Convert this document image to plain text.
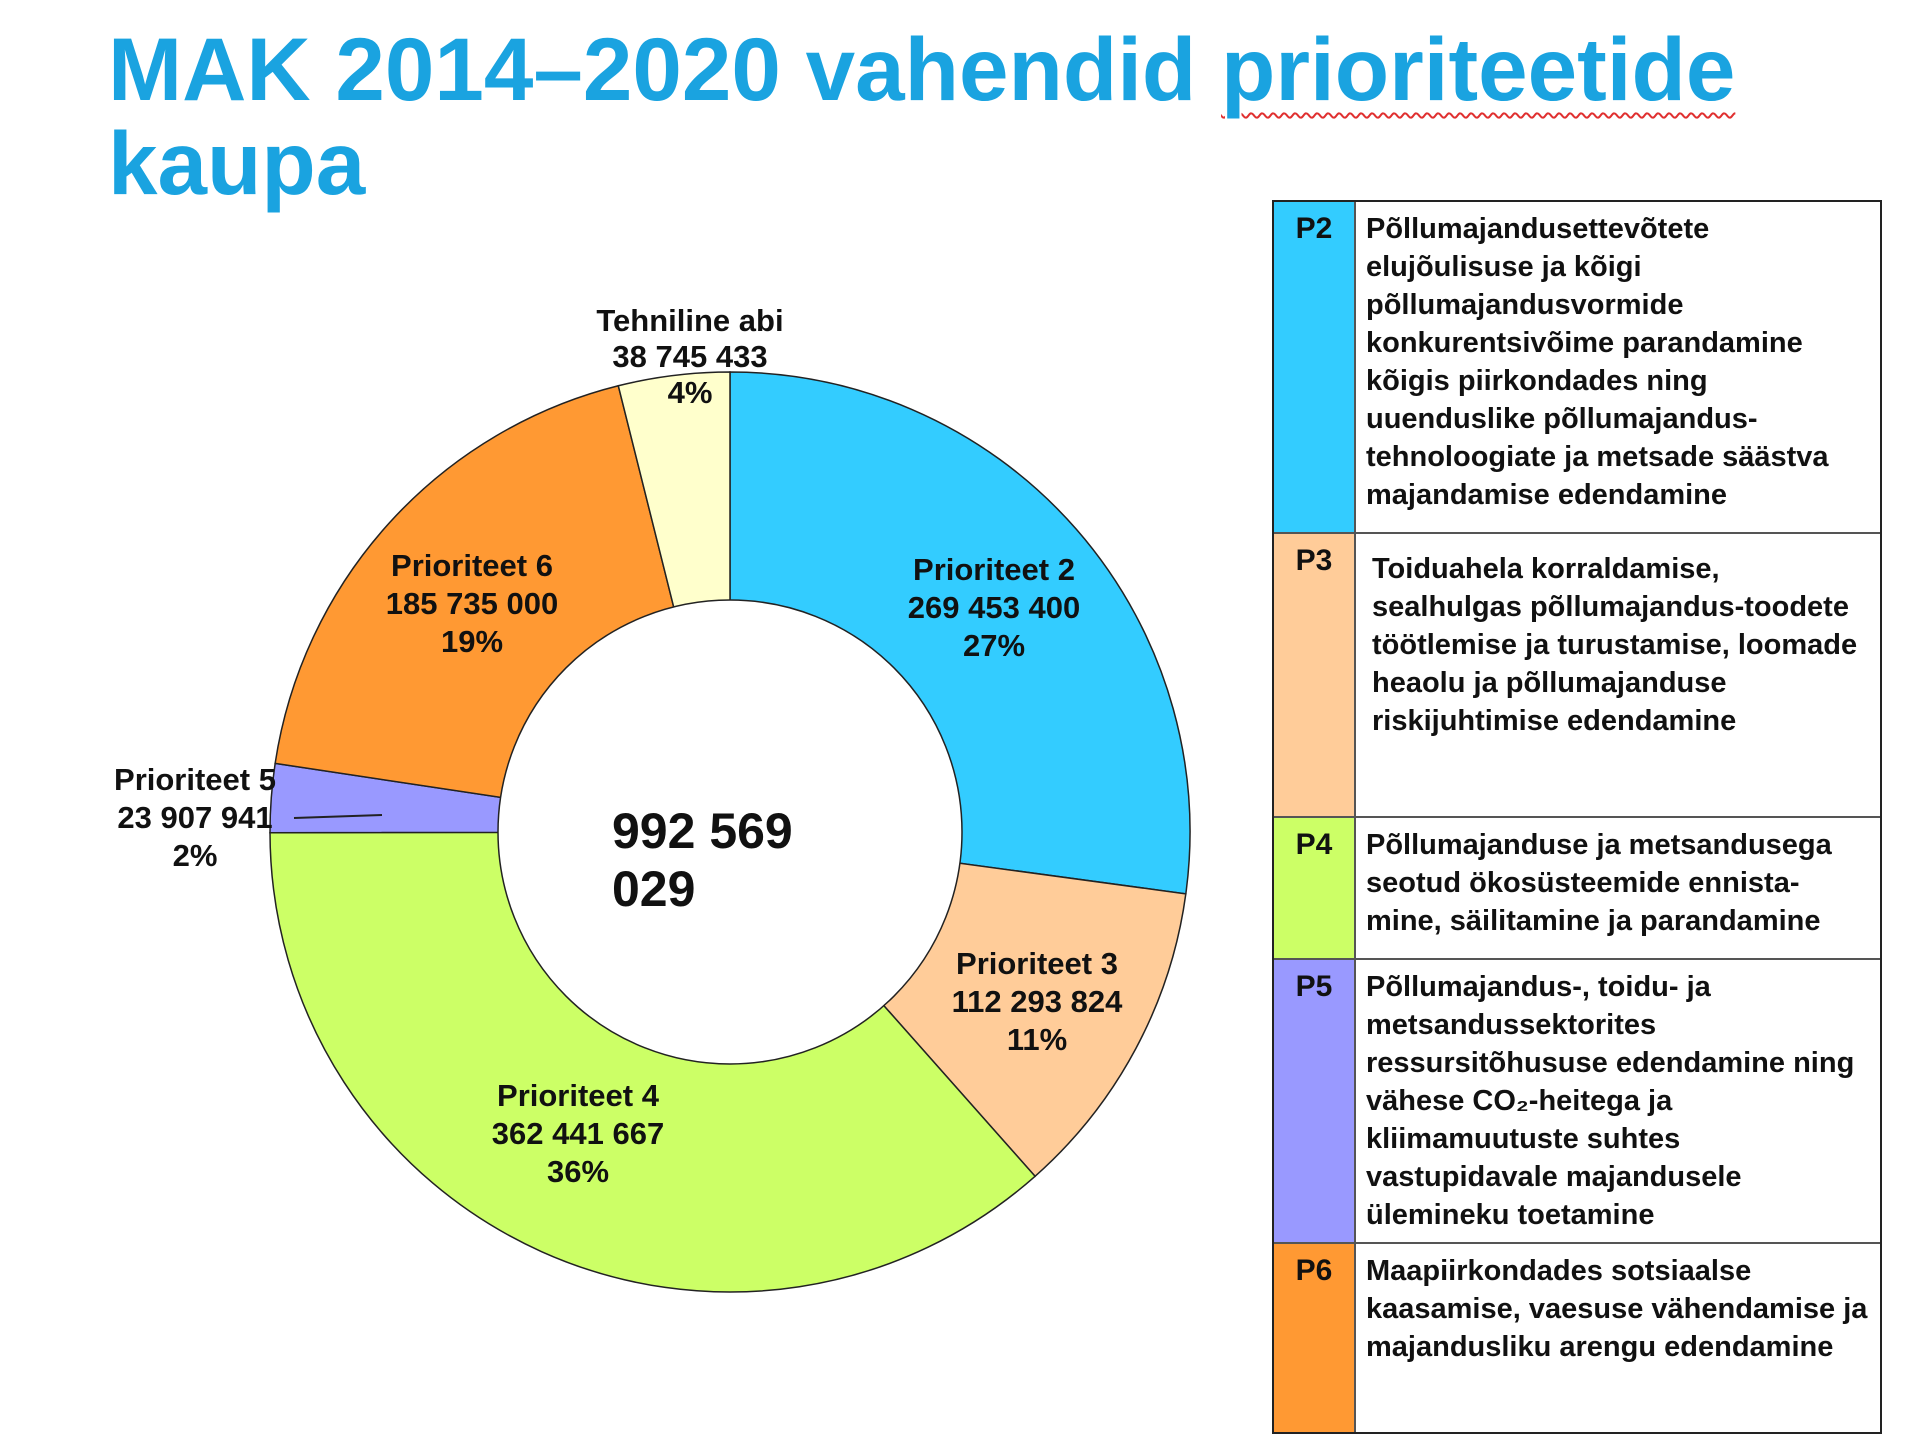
MAK 2014–2020 vahendid prioriteetide
kaupa
992 569
029
Prioriteet 2
269 453 400
27%
Prioriteet 3
112 293 824
11%
Prioriteet 4
362 441 667
36%
Prioriteet 5
23 907 941
2%
Prioriteet 6
185 735 000
19%
Tehniline abi
38 745 433
4%
P2	Põllumajandusettevõtete elujõulisuse ja kõigi põllumajandusvormide konkurentsivõime parandamine kõigis piirkondades ning uuenduslike põllumajandus-tehnoloogiate ja metsade säästva majandamise edendamine
P3	Toiduahela korraldamise, sealhulgas põllumajandus-toodete töötlemise ja turustamise, loomade heaolu ja põllumajanduse riskijuhtimise edendamine
P4	Põllumajanduse ja metsandusega seotud ökosüsteemide ennista-mine, säilitamine ja parandamine
P5	Põllumajandus-, toidu- ja metsandussektorites ressursitõhususe edendamine ning vähese CO₂-heitega ja kliimamuutuste suhtes vastupidavale majandusele ülemineku toetamine
P6	Maapiirkondades sotsiaalse kaasamise, vaesuse vähendamise ja majandusliku arengu edendamine
